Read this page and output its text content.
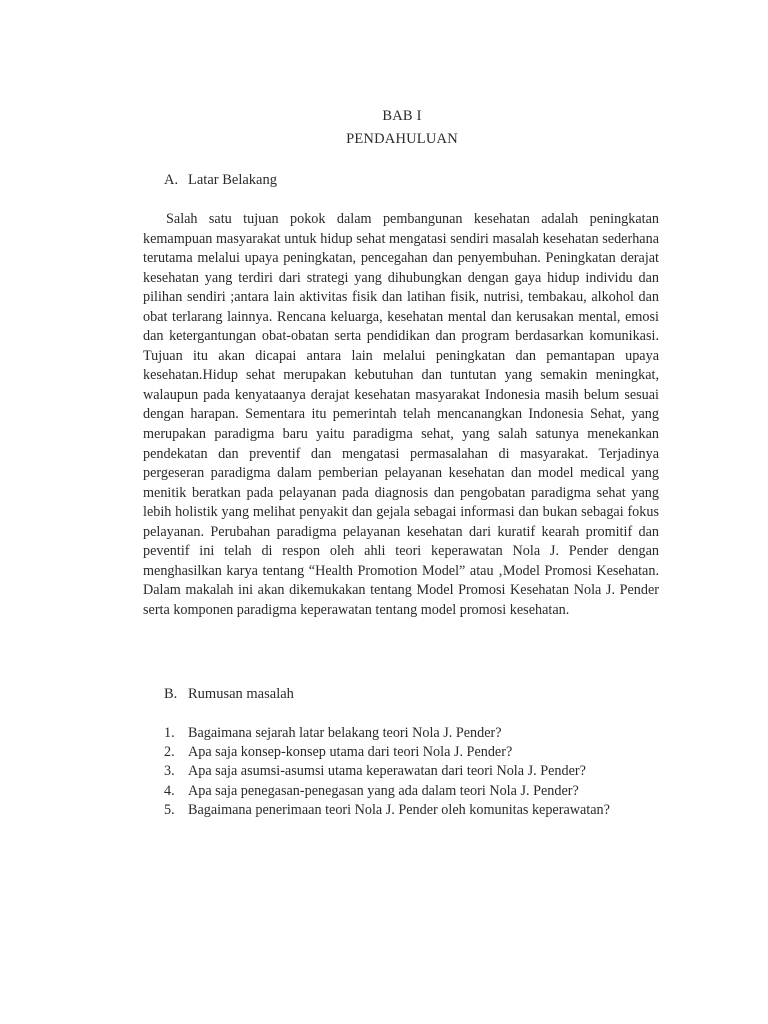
BAB I
PENDAHULUAN
A. Latar Belakang

Salah satu tujuan pokok dalam pembangunan kesehatan adalah peningkatan kemampuan masyarakat untuk hidup sehat mengatasi sendiri masalah kesehatan sederhana terutama melalui upaya peningkatan, pencegahan dan penyembuhan. Peningkatan derajat kesehatan yang terdiri dari strategi yang dihubungkan dengan gaya hidup individu dan pilihan sendiri ;antara lain aktivitas fisik dan latihan fisik, nutrisi, tembakau, alkohol dan obat terlarang lainnya. Rencana keluarga, kesehatan mental dan kerusakan mental, emosi dan ketergantungan obat-obatan serta pendidikan dan program berdasarkan komunikasi. Tujuan itu akan dicapai antara lain melalui peningkatan dan pemantapan upaya kesehatan.Hidup sehat merupakan kebutuhan dan tuntutan yang semakin meningkat, walaupun pada kenyataanya derajat kesehatan masyarakat Indonesia masih belum sesuai dengan harapan. Sementara itu pemerintah telah mencanangkan Indonesia Sehat, yang merupakan paradigma baru yaitu paradigma sehat, yang salah satunya menekankan pendekatan dan preventif dan mengatasi permasalahan di masyarakat. Terjadinya pergeseran paradigma dalam pemberian pelayanan kesehatan dan model medical yang menitik beratkan pada pelayanan pada diagnosis dan pengobatan paradigma sehat yang lebih holistik yang melihat penyakit dan gejala sebagai informasi dan bukan sebagai fokus pelayanan. Perubahan paradigma pelayanan kesehatan dari kuratif kearah promitif dan peventif ini telah di respon oleh ahli teori keperawatan Nola J. Pender dengan menghasilkan karya tentang “Health Promotion Model” atau ‚Model Promosi Kesehatan. Dalam makalah ini akan dikemukakan tentang Model Promosi Kesehatan Nola J. Pender serta komponen paradigma keperawatan tentang model promosi kesehatan.

B. Rumusan masalah
1. Bagaimana sejarah latar belakang teori Nola J. Pender?
2. Apa saja konsep-konsep utama dari teori Nola J. Pender?
3. Apa saja asumsi-asumsi utama keperawatan dari teori Nola J. Pender?
4. Apa saja penegasan-penegasan yang ada dalam teori Nola J. Pender?
5. Bagaimana penerimaan teori Nola J. Pender oleh komunitas keperawatan?
